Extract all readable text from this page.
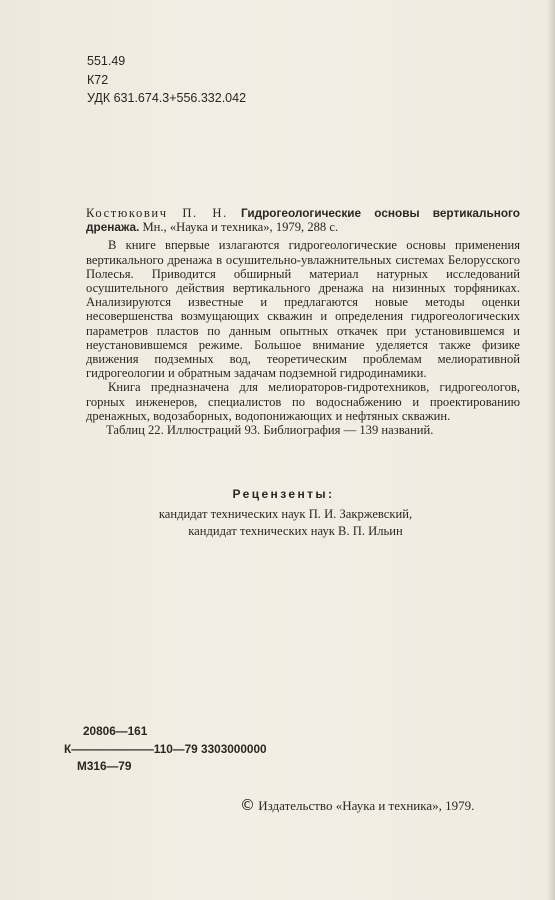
551.49
К72
УДК 631.674.3+556.332.042

Костюкович П. Н. Гидрогеологические основы вертикального дренажа. Мн., «Наука и техника», 1979, 288 с.

В книге впервые излагаются гидрогеологические основы применения вертикального дренажа в осушительно-увлажнительных системах Белорусского Полесья. Приводится обширный материал натурных исследований осушительного действия вертикального дренажа на низинных торфяниках. Анализируются известные и предлагаются новые методы оценки несовершенства возмущающих скважин и определения гидрогеологических параметров пластов по данным опытных откачек при установившемся и неустановившемся режиме. Большое внимание уделяется также физике движения подземных вод, теоретическим проблемам мелиоративной гидрогеологии и обратным задачам подземной гидродинамики.

Книга предназначена для мелиораторов-гидротехников, гидрогеологов, горных инженеров, специалистов по водоснабжению и проектированию дренажных, водозаборных, водопонижающих и нефтяных скважин.

Таблиц 22. Иллюстраций 93. Библиография — 139 названий.

Рецензенты:
кандидат технических наук П. И. Закржевский,
кандидат технических наук В. П. Ильин
20806—161
К———————110—79 3303000000
М316—79
© Издательство «Наука и техника», 1979.
